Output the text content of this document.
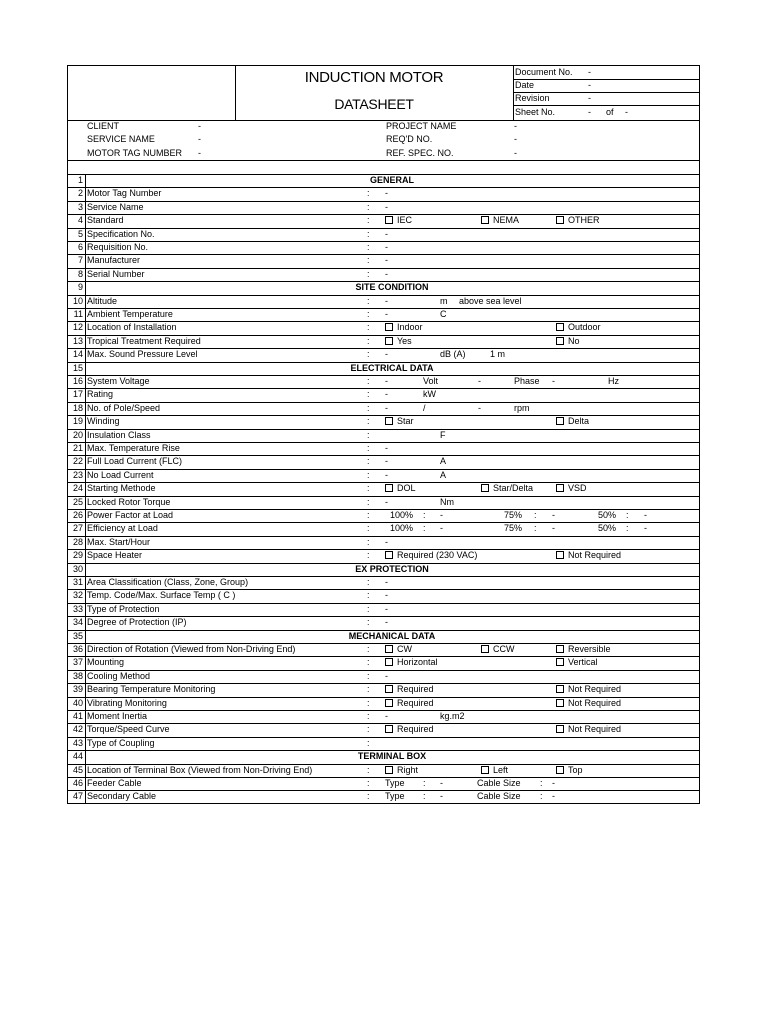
INDUCTION MOTOR
DATASHEET
Document No. -
Date	-
Revision	-
Sheet No.	- of -
CLIENT	-	PROJECT NAME	-
SERVICE NAME	-	REQ'D NO.	-
MOTOR TAG NUMBER -	REF. SPEC. NO.	-
1	GENERAL
2 Motor Tag Number	: -
3 Service Name	: -
4 Standard	:	IEC	NEMA	OTHER
5 Specification No.	: -
6 Requisition No.	: -
7 Manufacturer	: -
8 Serial Number	: -
9	SITE CONDITION
10 Altitude	: -	m above sea level
11 Ambient Temperature	: -	C
12 Location of Installation	:	Indoor	Outdoor
13 Tropical Treatment Required	:	Yes	No
14 Max. Sound Pressure Level	: -	dB (A)	1 m
15	ELECTRICAL DATA
16 System Voltage	: -	Volt	-	Phase -	Hz
17 Rating	: -	kW
18 No. of Pole/Speed	: -	/	-	rpm
19 Winding	:	Star	Delta
20 Insulation Class	:	F
21 Max. Temperature Rise	: -
22 Full Load Current (FLC)	: -	A
23 No Load Current	: -	A
24 Starting Methode	:	DOL	Star/Delta	VSD
25 Locked Rotor Torque	: -	Nm
26 Power Factor at Load	: 100% : -	75% : -	50% : -
27 Efficiency at Load	: 100% : -	75% : -	50% : -
28 Max. Start/Hour	: -
29 Space Heater	:	Required (230 VAC)	Not Required
30	EX PROTECTION
31 Area Classification (Class, Zone, Group)	: -
32 Temp. Code/Max. Surface Temp ( C )	: -
33 Type of Protection	: -
34 Degree of Protection (IP)	: -
35	MECHANICAL DATA
36 Direction of Rotation (Viewed from Non-Driving End)	:	CW	CCW	Reversible
37 Mounting	:	Horizontal	Vertical
38 Cooling Method	: -
39 Bearing Temperature Monitoring	:	Required	Not Required
40 Vibrating Monitoring	:	Required	Not Required
41 Moment Inertia	: -	kg.m2
42 Torque/Speed Curve	:	Required	Not Required
43 Type of Coupling	:
44	TERMINAL BOX
45 Location of Terminal Box (Viewed from Non-Driving End)	:	Right	Left	Top
46 Feeder Cable	: Type : -	Cable Size : -
47 Secondary Cable	: Type : -	Cable Size : -
